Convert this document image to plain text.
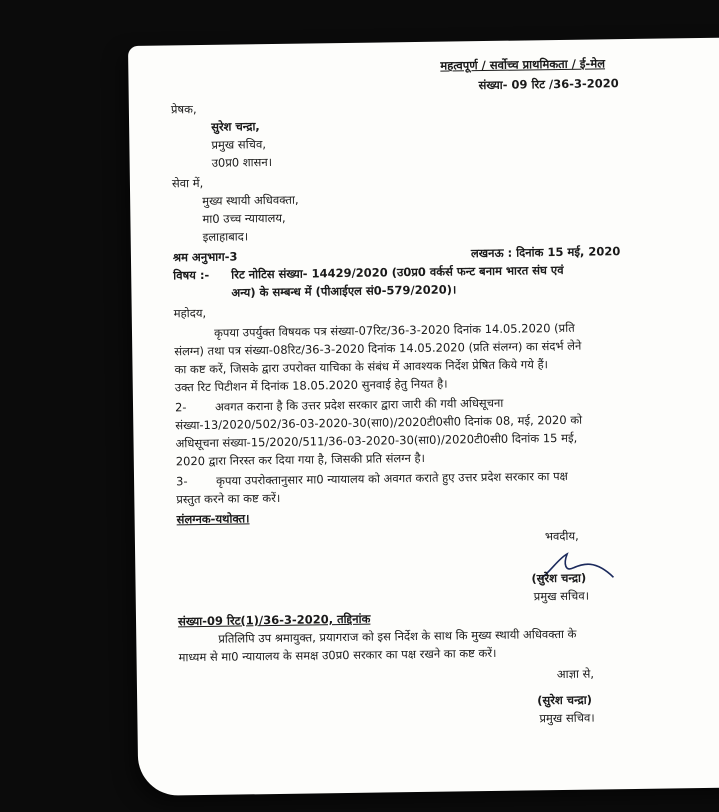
महत्वपूर्ण / सर्वोच्च प्राथमिकता / ई-मेल
संख्या- 09 रिट /36-3-2020
प्रेषक,
सुरेश चन्द्रा,
प्रमुख सचिव,
उ0प्र0 शासन।
सेवा में,
मुख्य स्थायी अधिवक्ता,
मा0 उच्च न्यायालय,
इलाहाबाद।
श्रम अनुभाग-3	लखनऊ : दिनांक 15 मई, 2020
विषय :- रिट नोटिस संख्या- 14429/2020 (उ0प्र0 वर्कर्स फन्ट बनाम भारत संघ एवं
अन्य) के सम्बन्ध में (पीआईएल सं0-579/2020)।
महोदय,
कृपया उपर्युक्त विषयक पत्र संख्या-07रिट/36-3-2020 दिनांक 14.05.2020 (प्रति
संलग्न) तथा पत्र संख्या-08रिट/36-3-2020 दिनांक 14.05.2020 (प्रति संलग्न) का संदर्भ लेने
का कष्ट करें, जिसके द्वारा उपरोक्त याचिका के संबंध में आवश्यक निर्देश प्रेषित किये गये हैं।
उक्त रिट पिटीशन में दिनांक 18.05.2020 सुनवाई हेतु नियत है।
2- अवगत कराना है कि उत्तर प्रदेश सरकार द्वारा जारी की गयी अधिसूचना
संख्या-13/2020/502/36-03-2020-30(सा0)/2020टी0सी0 दिनांक 08, मई, 2020 को
अधिसूचना संख्या-15/2020/511/36-03-2020-30(सा0)/2020टी0सी0 दिनांक 15 मई,
2020 द्वारा निरस्त कर दिया गया है, जिसकी प्रति संलग्न है।
3- कृपया उपरोक्तानुसार मा0 न्यायालय को अवगत कराते हुए उत्तर प्रदेश सरकार का पक्ष
प्रस्तुत करने का कष्ट करें।
संलग्नक-यथोक्त।
भवदीय,
(सुरेश चन्द्रा)
प्रमुख सचिव।
संख्या-09 रिट(1)/36-3-2020, तद्दिनांक
प्रतिलिपि उप श्रमायुक्त, प्रयागराज को इस निर्देश के साथ कि मुख्य स्थायी अधिवक्ता के
माध्यम से मा0 न्यायालय के समक्ष उ0प्र0 सरकार का पक्ष रखने का कष्ट करें।
आज्ञा से,
(सुरेश चन्द्रा)
प्रमुख सचिव।
